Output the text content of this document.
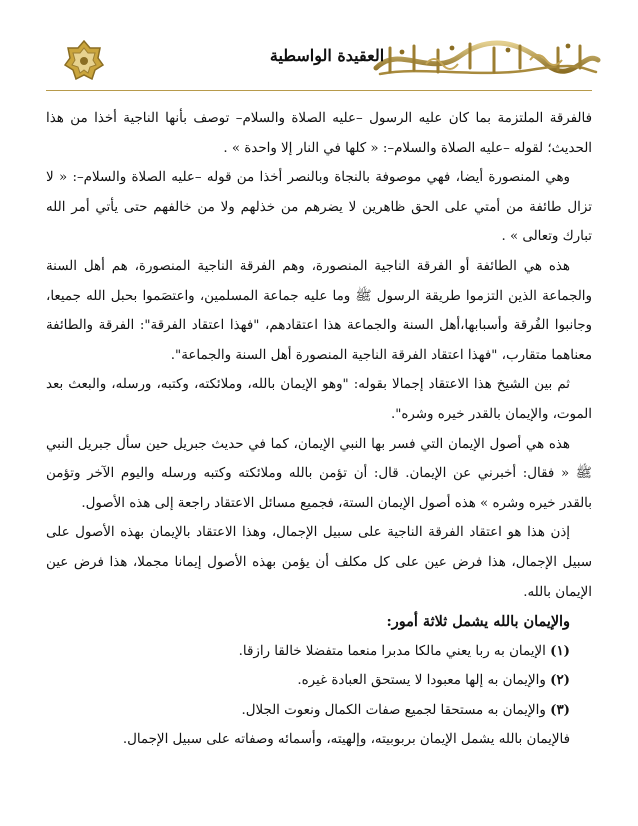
العقيدة الواسطية

فالفرقة الملتزمة بما كان عليه الرسول –عليه الصلاة والسلام– توصف بأنها الناجية أخذا من هذا الحديث؛ لقوله –عليه الصلاة والسلام–: « كلها في النار إلا واحدة » .

وهي المنصورة أيضا، فهي موصوفة بالنجاة وبالنصر أخذا من قوله –عليه الصلاة والسلام–: « لا تزال طائفة من أمتي على الحق ظاهرين لا يضرهم من خذلهم ولا من خالفهم حتى يأتي أمر الله تبارك وتعالى » .

هذه هي الطائفة أو الفرقة الناجية المنصورة، وهم الفرقة الناجية المنصورة، هم أهل السنة والجماعة الذين التزموا طريقة الرسول ﷺ وما عليه جماعة المسلمين، واعتصَموا بحبل الله جميعا، وجانبوا الفُرقة وأسبابها،أهل السنة والجماعة هذا اعتقادهم، "فهذا اعتقاد الفرقة": الفرقة والطائفة معناهما متقارب، "فهذا اعتقاد الفرقة الناجية المنصورة أهل السنة والجماعة".

ثم بين الشيخ هذا الاعتقاد إجمالا بقوله: "وهو الإيمان بالله، وملائكته، وكتبه، ورسله، والبعث بعد الموت، والإيمان بالقدر خيره وشره".

هذه هي أصول الإيمان التي فسر بها النبي الإيمان، كما في حديث جبريل حين سأل جبريل النبي ﷺ « فقال: أخبرني عن الإيمان. قال: أن تؤمن بالله وملائكته وكتبه ورسله واليوم الآخر وتؤمن بالقدر خيره وشره » هذه أصول الإيمان الستة، فجميع مسائل الاعتقاد راجعة إلى هذه الأصول.

إذن هذا هو اعتقاد الفرقة الناجية على سبيل الإجمال، وهذا الاعتقاد بالإيمان بهذه الأصول على سبيل الإجمال، هذا فرض عين على كل مكلف أن يؤمن بهذه الأصول إيمانا مجملا، هذا فرض عين الإيمان بالله.

والإيمان بالله يشمل ثلاثة أمور:

(١) الإيمان به ربا يعني مالكا مدبرا منعما متفضلا خالقا رازقا.

(٢) والإيمان به إلها معبودا لا يستحق العبادة غيره.

(٣) والإيمان به مستحقا لجميع صفات الكمال ونعوت الجلال.

فالإيمان بالله يشمل الإيمان بربوبيته، وإلهيته، وأسمائه وصفاته على سبيل الإجمال.
